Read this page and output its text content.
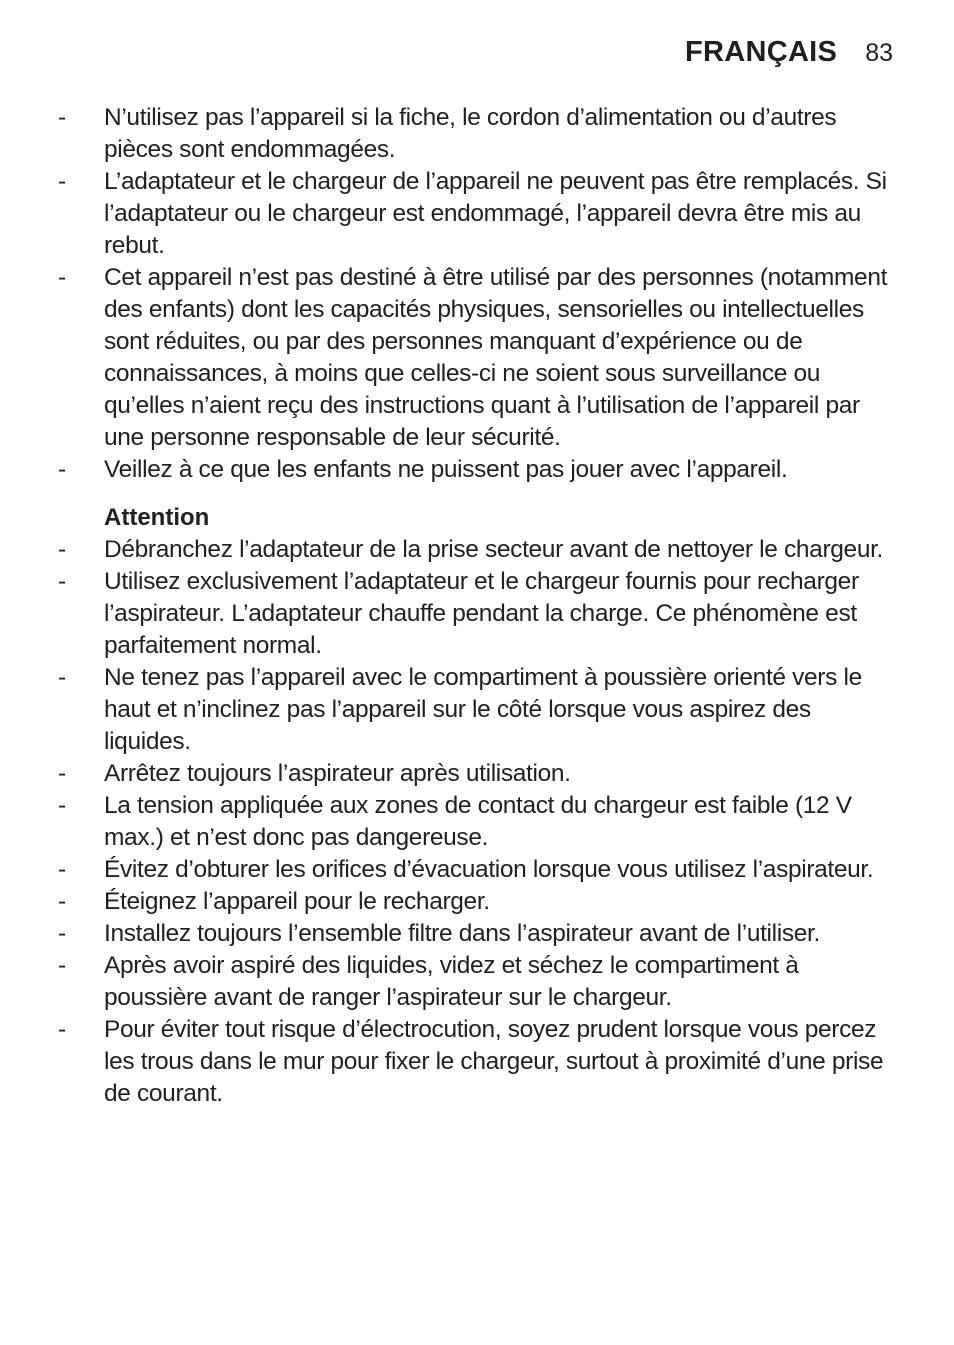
FRANÇAIS 83
-	N’utilisez pas l’appareil si la fiche, le cordon d’alimentation ou d’autres pièces sont endommagées.
-	L’adaptateur et le chargeur de l’appareil ne peuvent pas être remplacés. Si l’adaptateur ou le chargeur est endommagé, l’appareil devra être mis au rebut.
-	Cet appareil n’est pas destiné à être utilisé par des personnes (notamment des enfants) dont les capacités physiques, sensorielles ou intellectuelles sont réduites, ou par des personnes manquant d’expérience ou de connaissances, à moins que celles-ci ne soient sous surveillance ou qu’elles n’aient reçu des instructions quant à l’utilisation de l’appareil par une personne responsable de leur sécurité.
-	Veillez à ce que les enfants ne puissent pas jouer avec l’appareil.
Attention
-	Débranchez l’adaptateur de la prise secteur avant de nettoyer le chargeur.
-	Utilisez exclusivement l’adaptateur et le chargeur fournis pour recharger l’aspirateur. L’adaptateur chauffe pendant la charge. Ce phénomène est parfaitement normal.
-	Ne tenez pas l’appareil avec le compartiment à poussière orienté vers le haut et n’inclinez pas l’appareil sur le côté lorsque vous aspirez des liquides.
-	Arrêtez toujours l’aspirateur après utilisation.
-	La tension appliquée aux zones de contact du chargeur est faible (12 V max.) et n’est donc pas dangereuse.
-	Évitez d’obturer les orifices d’évacuation lorsque vous utilisez l’aspirateur.
-	Éteignez l’appareil pour le recharger.
-	Installez toujours l’ensemble filtre dans l’aspirateur avant de l’utiliser.
-	Après avoir aspiré des liquides, videz et séchez le compartiment à poussière avant de ranger l’aspirateur sur le chargeur.
-	Pour éviter tout risque d’électrocution, soyez prudent lorsque vous percez les trous dans le mur pour fixer le chargeur, surtout à proximité d’une prise de courant.
